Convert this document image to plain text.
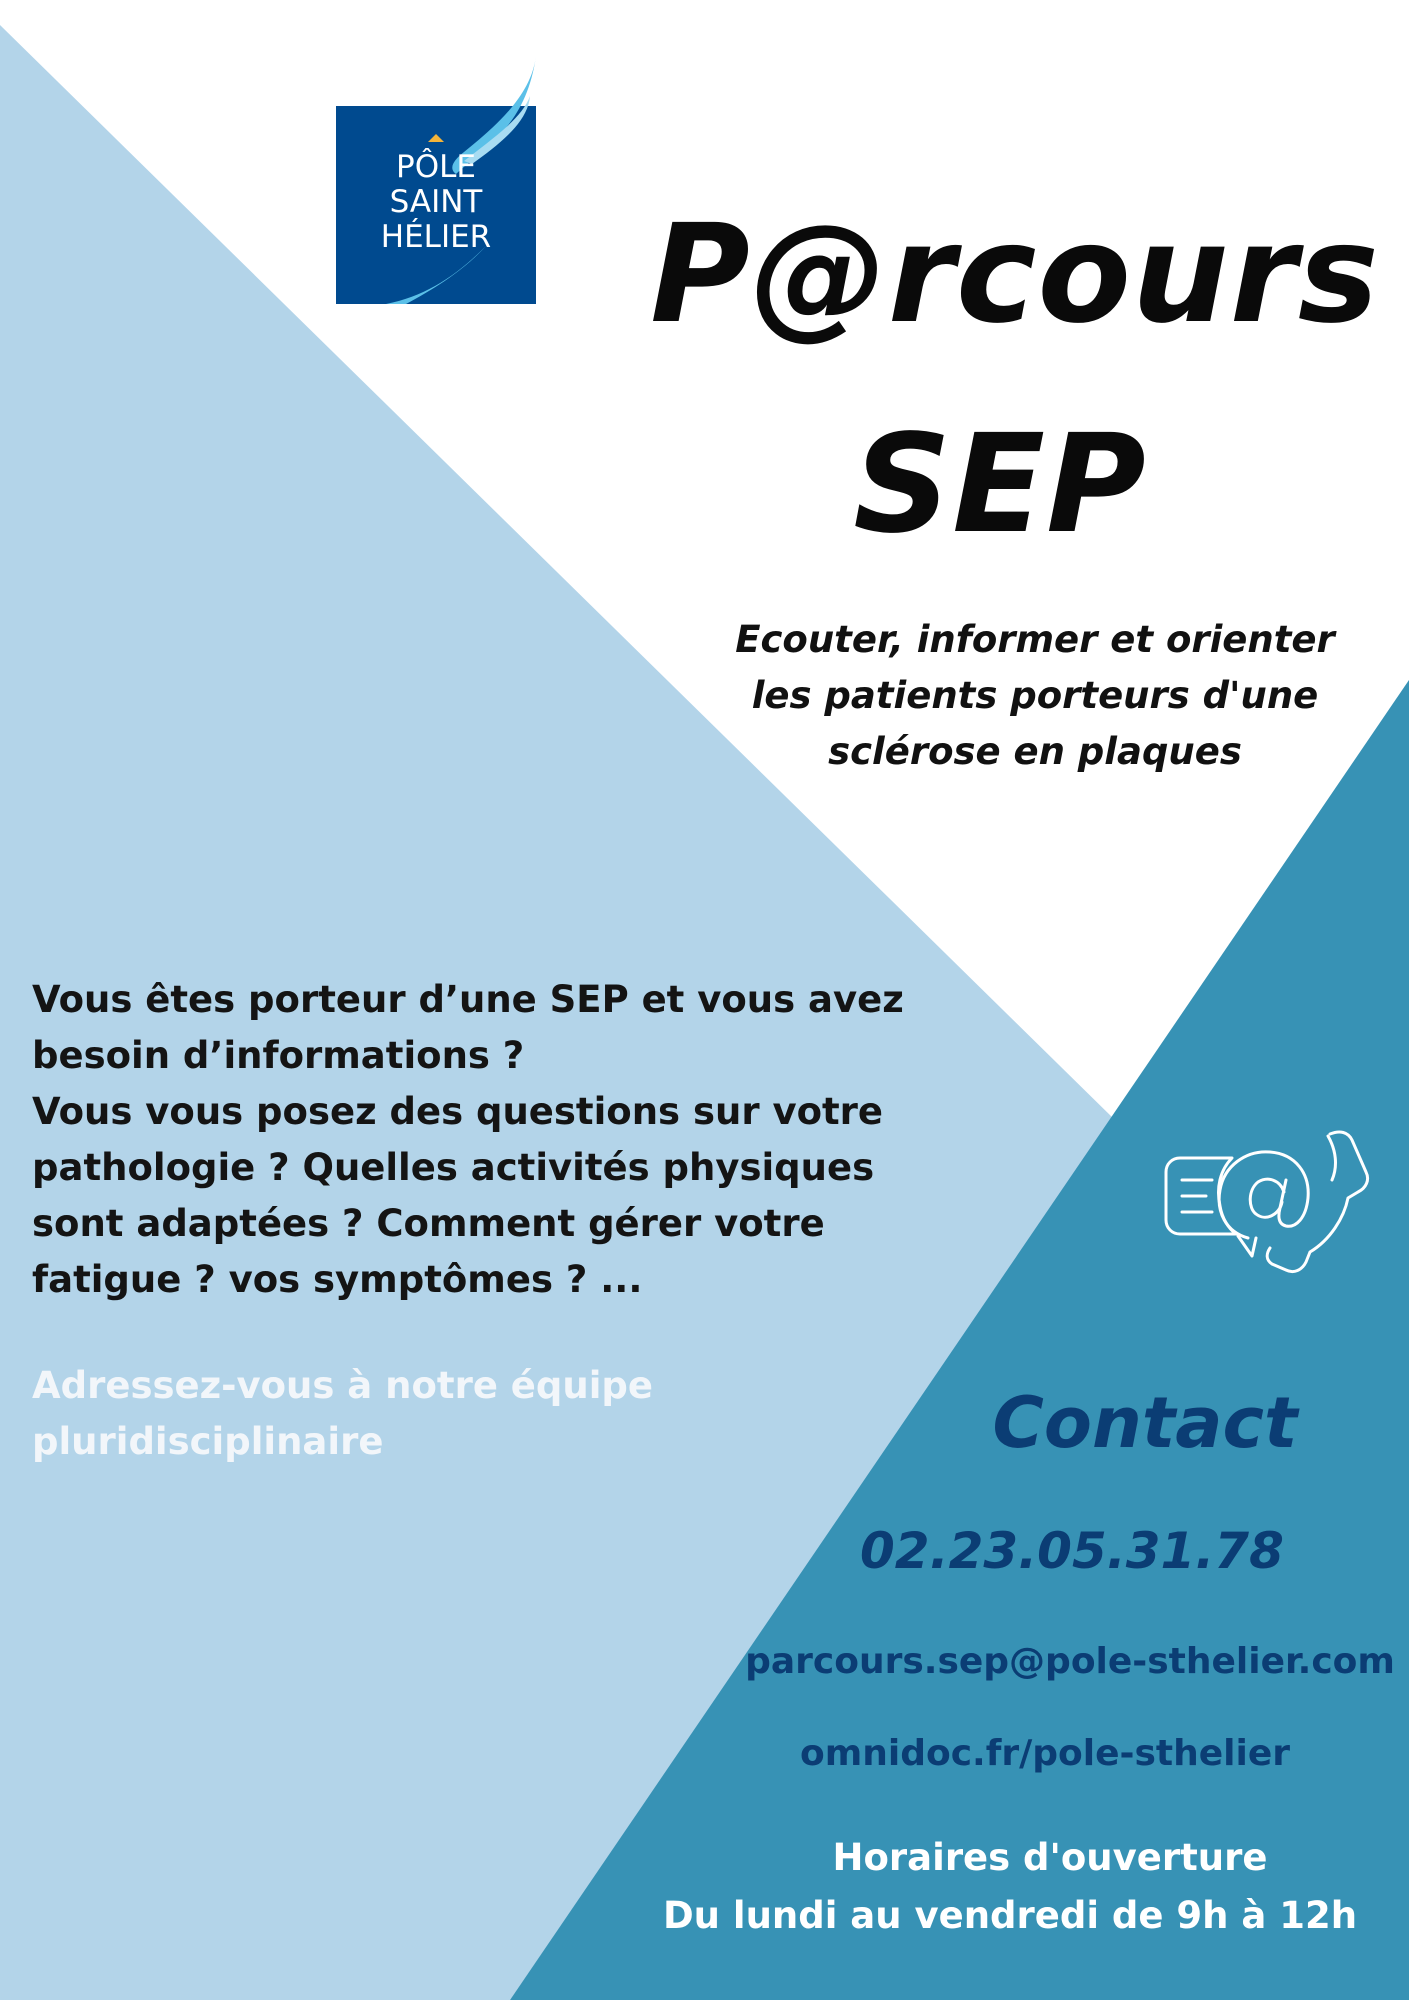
PÔLE
SAINT
HÉLIER P@rcours
SEP
Ecouter, informer et orienter
les patients porteurs d'une
sclérose en plaques

Vous êtes porteur d’une SEP et vous avez besoin d’informations ?

Vous vous posez des questions sur votre pathologie ? Quelles activités physiques sont adaptées ? Comment gérer votre fatigue ? vos symptômes ? ...

Adressez-vous à notre équipe pluridisciplinaire	Contact
02.23.05.31.78
parcours.sep@pole-sthelier.com
omnidoc.fr/pole-sthelier
Horaires d'ouverture
Du lundi au vendredi de 9h à 12h
